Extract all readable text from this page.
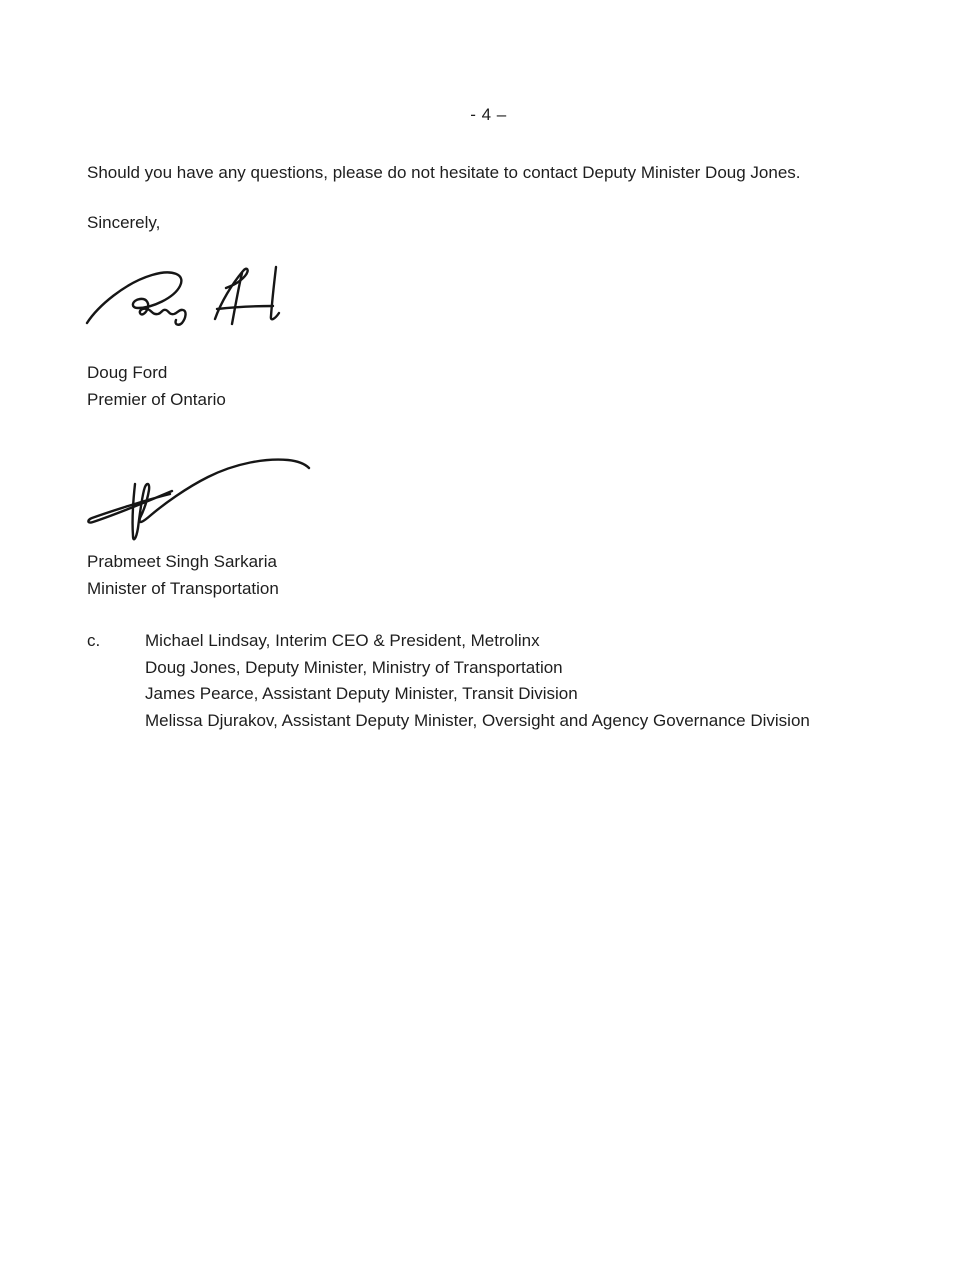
- 4 –

Should you have any questions, please do not hesitate to contact Deputy Minister Doug Jones.

Sincerely,
Doug Ford
Premier of Ontario
Prabmeet Singh Sarkaria
Minister of Transportation
c.	Michael Lindsay, Interim CEO & President, Metrolinx
Doug Jones, Deputy Minister, Ministry of Transportation
James Pearce, Assistant Deputy Minister, Transit Division
Melissa Djurakov, Assistant Deputy Minister, Oversight and Agency Governance Division
